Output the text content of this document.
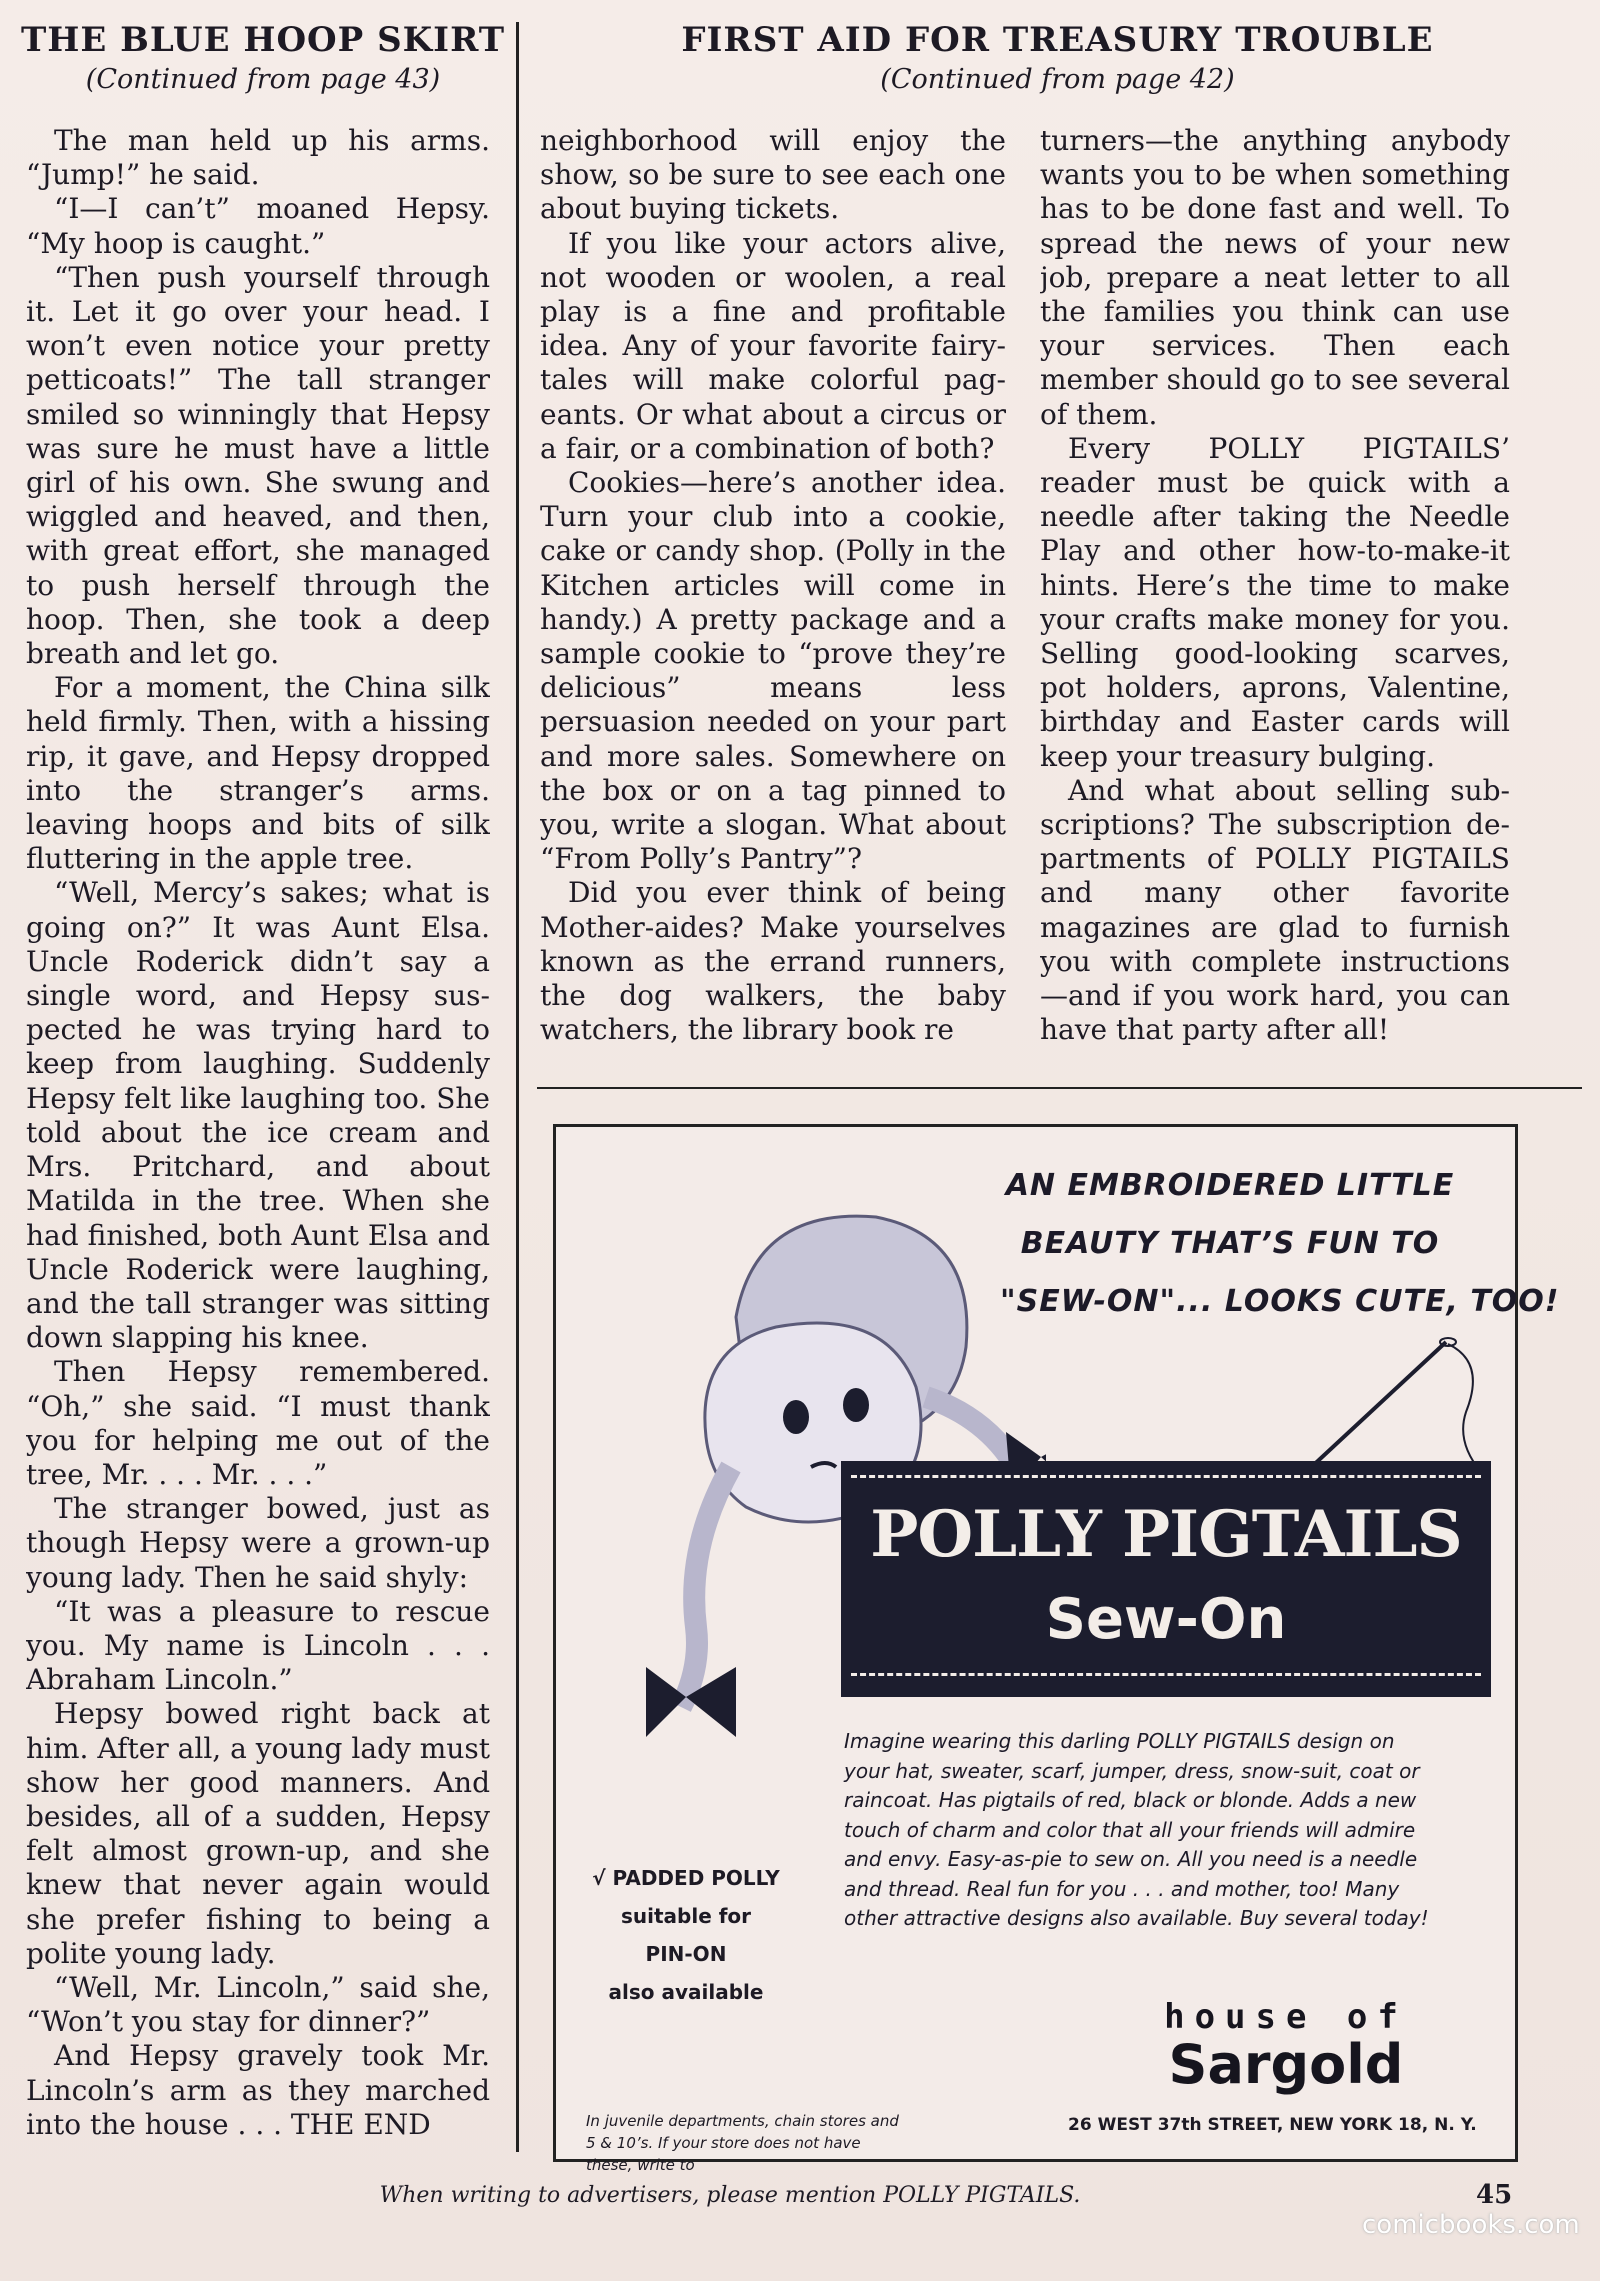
THE BLUE HOOP SKIRT
(Continued from page 43)

The man held up his arms. “Jump!” he said.

“I—I can’t” moaned Hepsy. “My hoop is caught.”

“Then push yourself through it. Let it go over your head. I won’t even notice your pretty petticoats!” The tall stranger smiled so winningly that Hepsy was sure he must have a little girl of his own. She swung and wiggled and heaved, and then, with great effort, she managed to push herself through the hoop. Then, she took a deep breath and let go.

For a moment, the China silk held firmly. Then, with a hissing rip, it gave, and Hepsy dropped into the stranger’s arms. leaving hoops and bits of silk fluttering in the apple tree.

“Well, Mercy’s sakes; what is going on?” It was Aunt Elsa. Uncle Roderick didn’t say a single word, and Hepsy suspected he was trying hard to keep from laughing. Suddenly Hepsy felt like laughing too. She told about the ice cream and Mrs. Pritchard, and about Matilda in the tree. When she had finished, both Aunt Elsa and Uncle Roderick were laughing, and the tall stranger was sitting down slapping his knee.

Then Hepsy remembered. “Oh,” she said. “I must thank you for helping me out of the tree, Mr. . . . Mr. . . .”

The stranger bowed, just as though Hepsy were a grown-up young lady. Then he said shyly:

“It was a pleasure to rescue you. My name is Lincoln . . . Abraham Lincoln.”

Hepsy bowed right back at him. After all, a young lady must show her good manners. And besides, all of a sudden, Hepsy felt almost grown-up, and she knew that never again would she prefer fishing to being a polite young lady.

“Well, Mr. Lincoln,” said she, “Won’t you stay for dinner?”

And Hepsy gravely took Mr. Lincoln’s arm as they marched into the house . . . THE END

FIRST AID FOR TREASURY TROUBLE
(Continued from page 42)

neighborhood will enjoy the show, so be sure to see each one about buying tickets.

If you like your actors alive, not wooden or woolen, a real play is a fine and profitable idea. Any of your favorite fairytales will make colorful pageants. Or what about a circus or a fair, or a combination of both?

Cookies—here’s another idea. Turn your club into a cookie, cake or candy shop. (Polly in the Kitchen articles will come in handy.) A pretty package and a sample cookie to “prove they’re delicious” means less persuasion needed on your part and more sales. Somewhere on the box or on a tag pinned to you, write a slogan. What about “From Polly’s Pantry”?

Did you ever think of being Mother-aides? Make yourselves known as the errand runners, the dog walkers, the baby watchers, the library book re

turners—the anything anybody wants you to be when something has to be done fast and well. To spread the news of your new job, prepare a neat letter to all the families you think can use your services. Then each member should go to see several of them.

Every POLLY PIGTAILS’ reader must be quick with a needle after taking the Needle Play and other how-to-make-it hints. Here’s the time to make your crafts make money for you. Selling good-looking scarves, pot holders, aprons, Valentine, birthday and Easter cards will keep your treasury bulging.

And what about selling subscriptions? The subscription departments of POLLY PIGTAILS and many other favorite magazines are glad to furnish you with complete instructions —and if you work hard, you can have that party after all!

AN EMBROIDERED LITTLE
BEAUTY THAT’S FUN TO
"SEW-ON"... LOOKS CUTE, TOO!
POLLY PIGTAILS
Sew-On
Imagine wearing this darling POLLY PIGTAILS design on your hat, sweater, scarf, jumper, dress, snow-suit, coat or raincoat. Has pigtails of red, black or blonde. Adds a new touch of charm and color that all your friends will admire and envy. Easy-as-pie to sew on. All you need is a needle and thread. Real fun for you . . . and mother, too! Many other attractive designs also available. Buy several today!
√ PADDED POLLY
suitable for
PIN-ON
also available
house of
Sargold
In juvenile departments, chain stores and 5 & 10’s. If your store does not have these, write to
26 WEST 37th STREET, NEW YORK 18, N. Y.
When writing to advertisers, please mention POLLY PIGTAILS.	45
comicbooks.com
